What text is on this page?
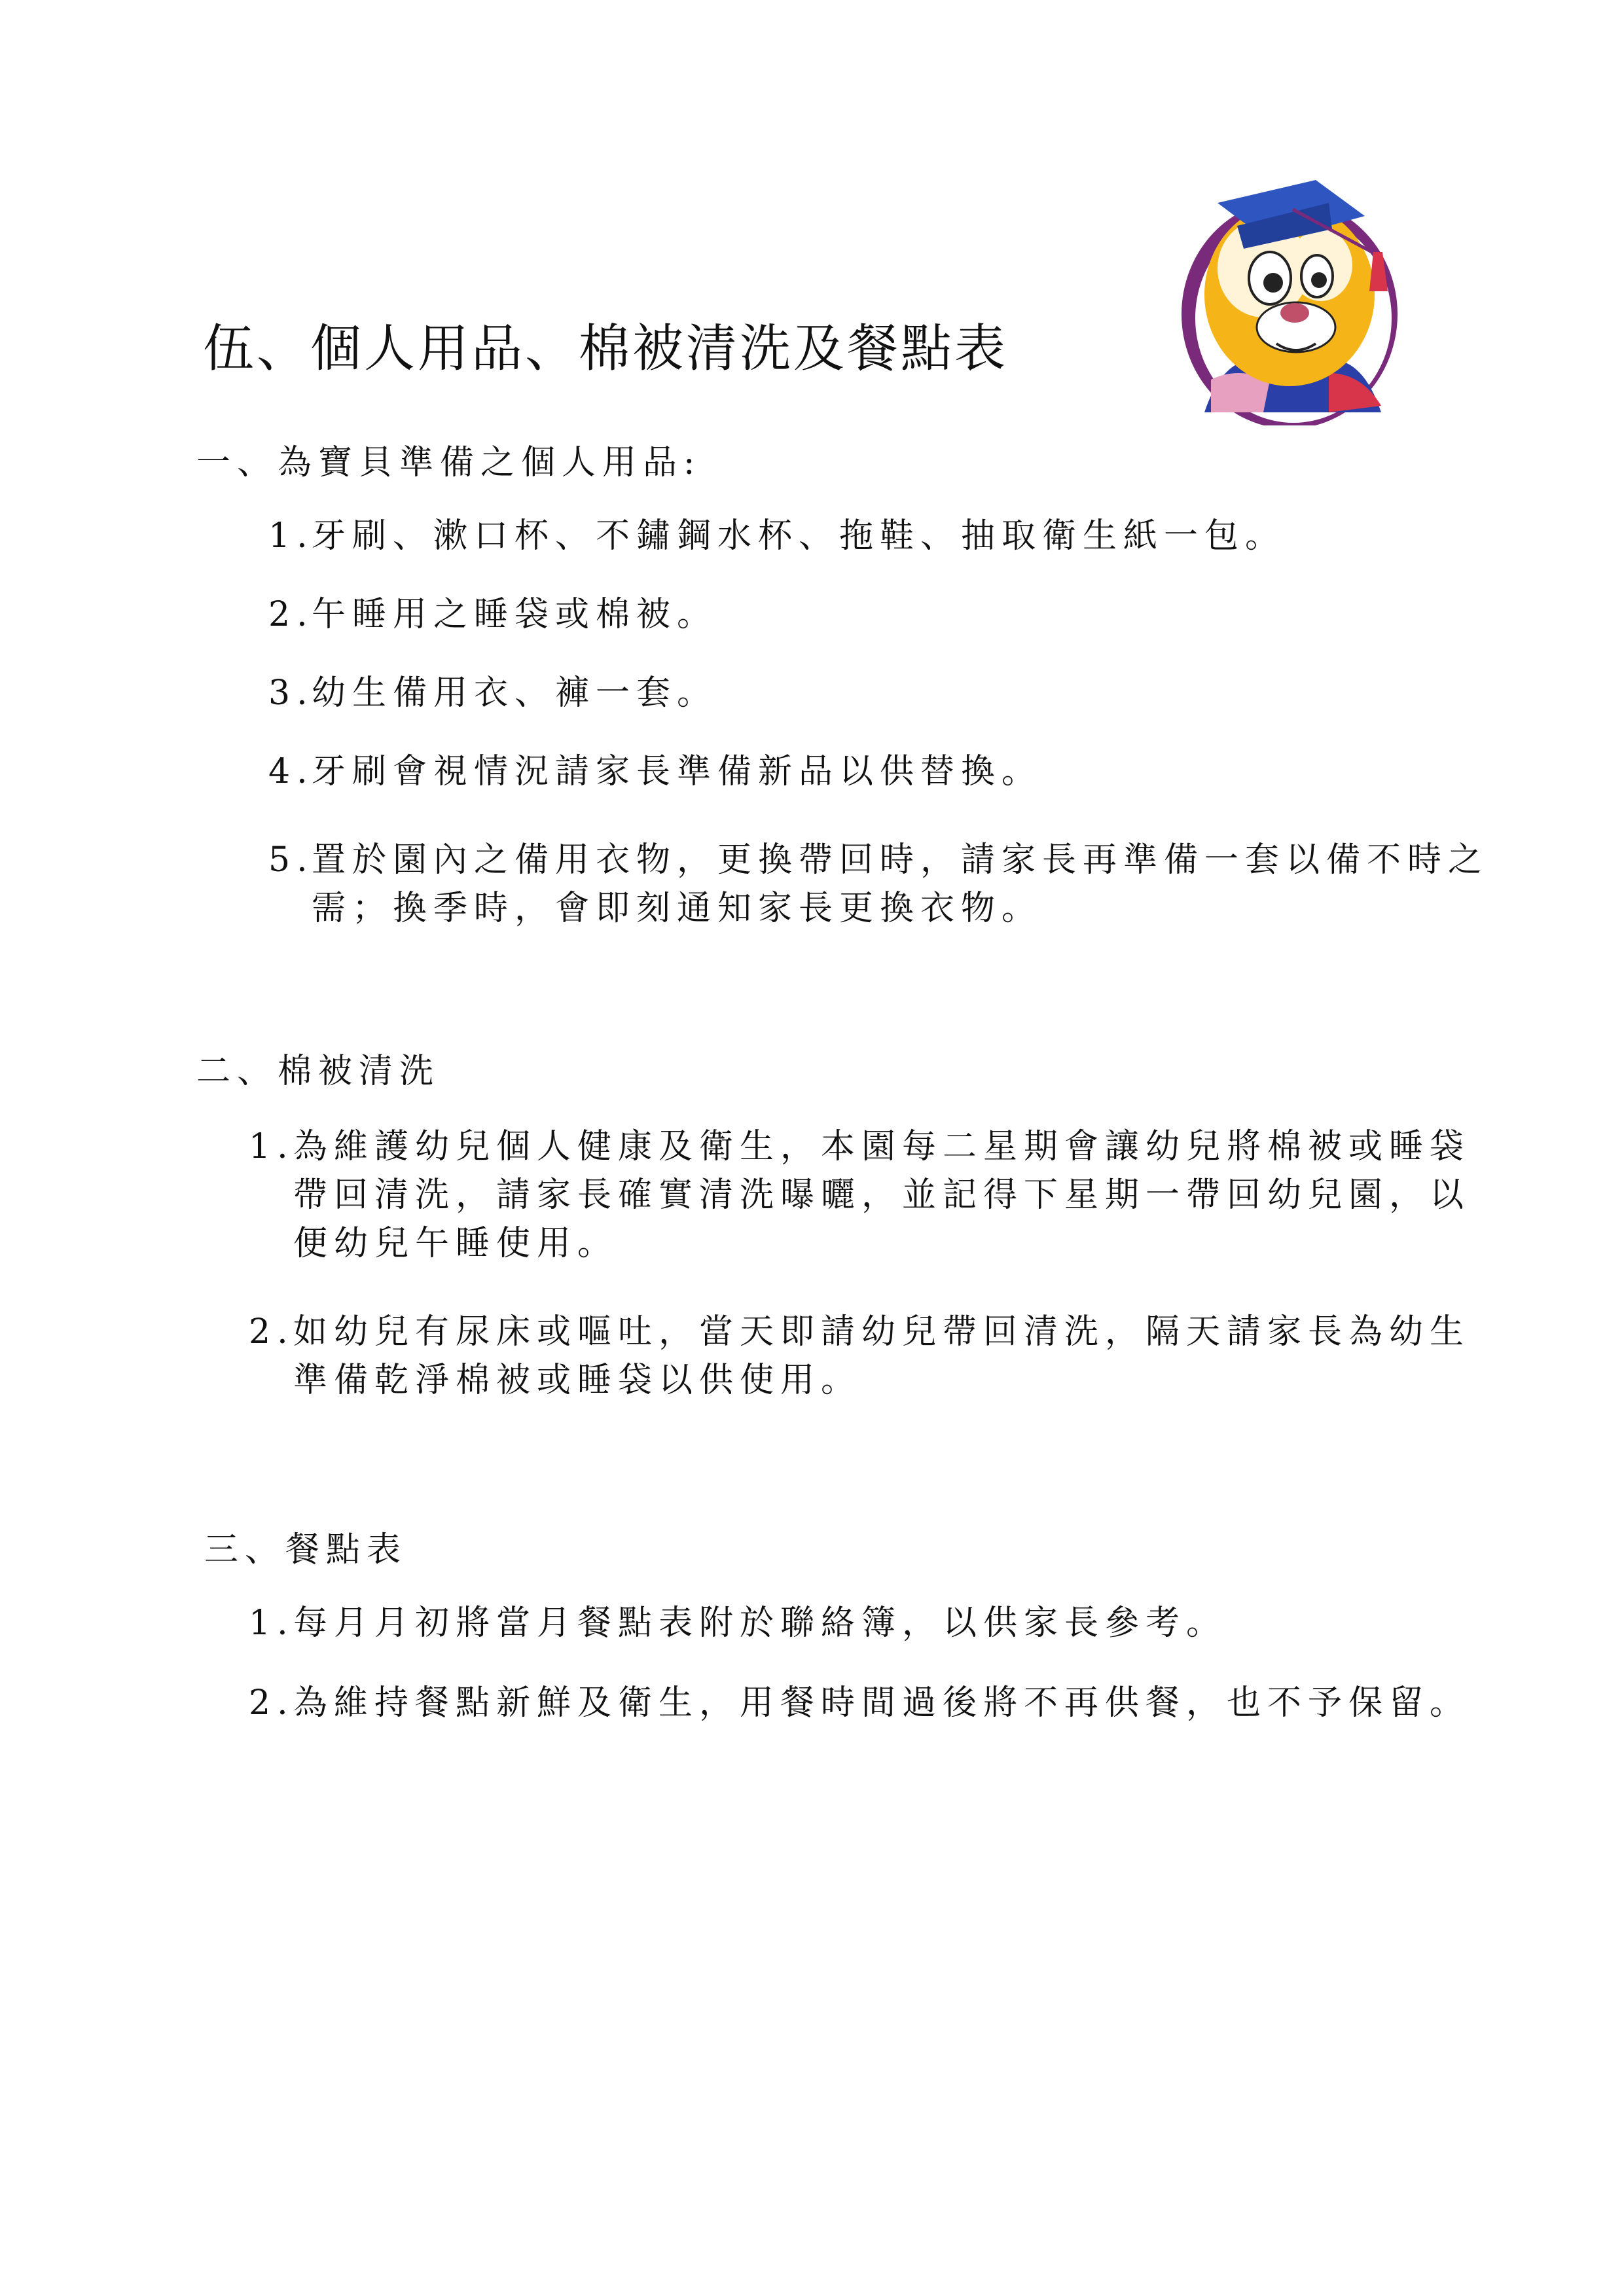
伍、個人用品、棉被清洗及餐點表
一、為寶貝準備之個人用品:
1.
牙刷、漱口杯、不鏽鋼水杯、拖鞋、抽取衛生紙一包。
2.
午睡用之睡袋或棉被。
3.
幼生備用衣、褲一套。
4.
牙刷會視情況請家長準備新品以供替換。
5.
置於園內之備用衣物，更換帶回時，請家長再準備一套以備不時之
需；換季時，會即刻通知家長更換衣物。
二、棉被清洗
1.
為維護幼兒個人健康及衛生，本園每二星期會讓幼兒將棉被或睡袋
帶回清洗，請家長確實清洗曝曬，並記得下星期一帶回幼兒園，以
便幼兒午睡使用。
2.
如幼兒有尿床或嘔吐，當天即請幼兒帶回清洗，隔天請家長為幼生
準備乾淨棉被或睡袋以供使用。
三、餐點表
1.
每月月初將當月餐點表附於聯絡簿，以供家長參考。
2.
為維持餐點新鮮及衛生，用餐時間過後將不再供餐，也不予保留。
